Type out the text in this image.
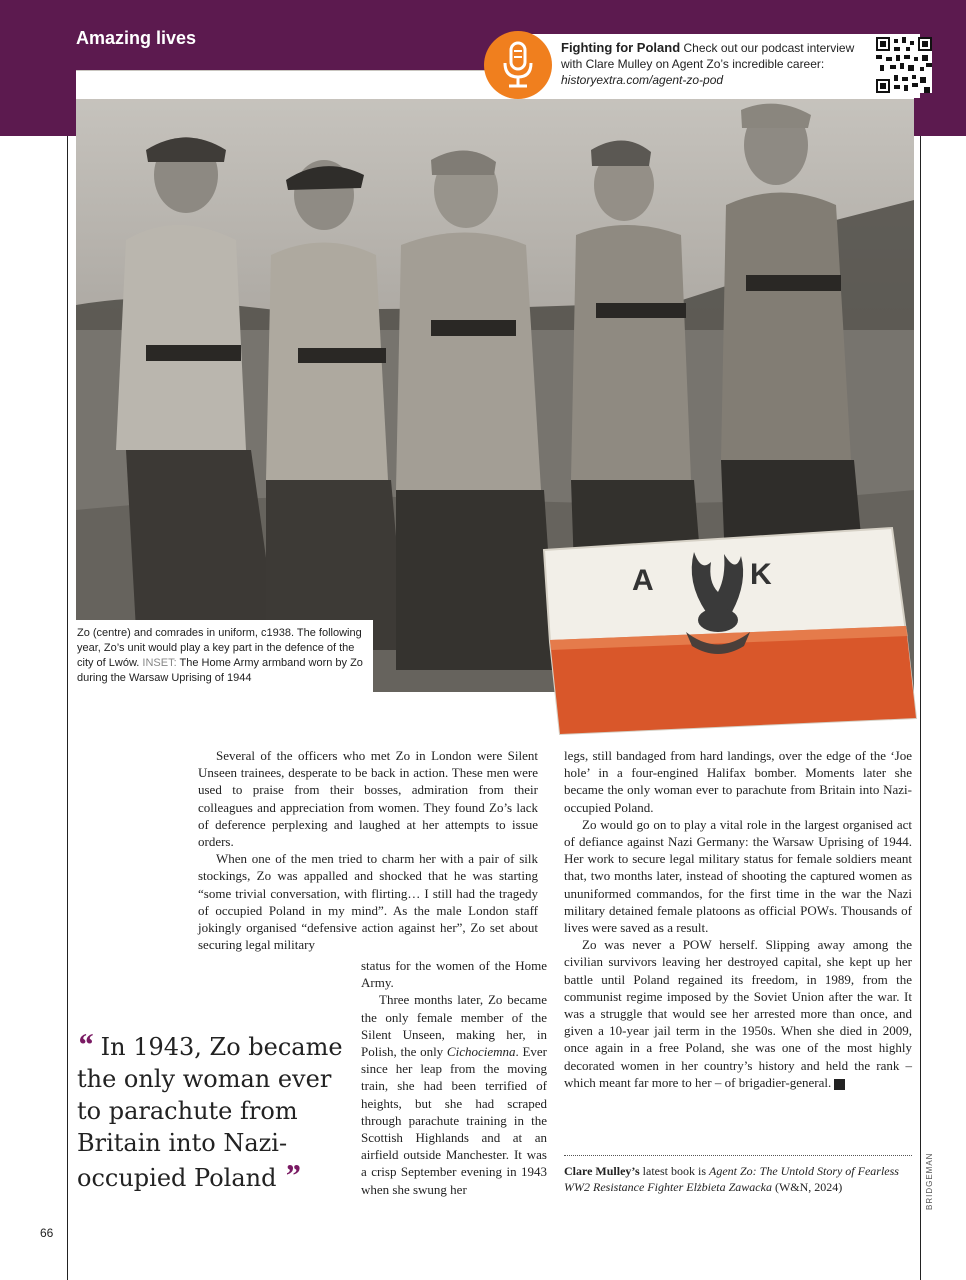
Amazing lives	Fighting for Poland Check out our podcast interview with Clare Mulley on Agent Zo’s incredible career:
historyextra.com/agent-zo-pod
A	K
Zo (centre) and comrades in uniform, c1938. The following year, Zo’s unit would play a key part in the defence of the city of Lwów. INSET: The Home Army armband worn by Zo during the Warsaw Uprising of 1944

Several of the officers who met Zo in London were Silent Unseen trainees, desperate to be back in action. These men were used to praise from their bosses, admiration from their colleagues and appreciation from women. They found Zo’s lack of deference perplexing and laughed at her attempts to issue orders.

When one of the men tried to charm her with a pair of silk stockings, Zo was appalled and shocked that he was starting “some trivial conversation, with flirting… I still had the tragedy of occupied Poland in my mind”. As the male London staff jokingly organised “defensive action against her”, Zo set about securing legal military

status for the women of the Home Army.

Three months later, Zo became the only female member of the Silent Unseen, making her, in Polish, the only Cichociemna. Ever since her leap from the moving train, she had been terrified of heights, but she had scraped through parachute training in the Scottish Highlands and at an airfield outside Manchester. It was a crisp September evening in 1943 when she swung her

legs, still bandaged from hard landings, over the edge of the ‘Joe hole’ in a four-engined Halifax bomber. Moments later she became the only woman ever to parachute from Britain into Nazi-occupied Poland.

Zo would go on to play a vital role in the largest organised act of defiance against Nazi Germany: the Warsaw Uprising of 1944. Her work to secure legal military status for female soldiers meant that, two months later, instead of shooting the captured women as ununiformed commandos, for the first time in the war the Nazi military detained female platoons as official POWs. Thousands of lives were saved as a result.

Zo was never a POW herself. Slipping away among the civilian survivors leaving her destroyed capital, she kept up her battle until Poland regained its freedom, in 1989, from the communist regime imposed by the Soviet Union after the war. It was a struggle that would see her arrested more than once, and given a 10-year jail term in the 1950s. When she died in 2009, once again in a free Poland, she was one of the most highly decorated women in her country’s history and held the rank – which meant far more to her – of brigadier-general.	H

“ In 1943, Zo became the only woman ever to parachute from Britain into Nazi-occupied Poland ”	Clare Mulley’s latest book is Agent Zo: The Untold Story of Fearless WW2 Resistance Fighter Elżbieta Zawacka (W&N, 2024)	BRIDGEMAN
66
